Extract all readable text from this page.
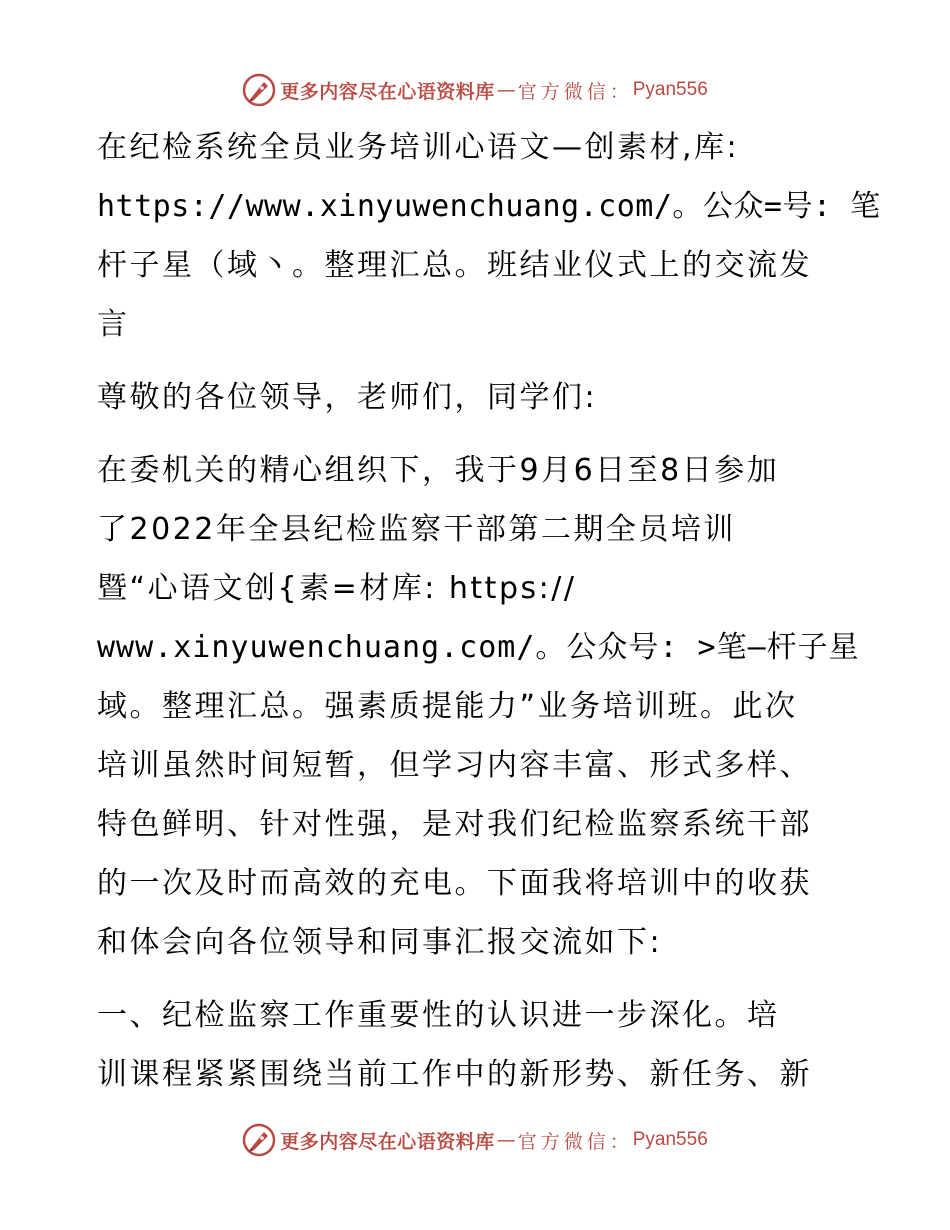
更多内容尽在心语资料库 — 官方微信： Pyan556
在纪检系统全员业务培训心语文—创素材,库:
https://www.xinyuwenchuang.com/。公众=号: 笔
杆子星（域丶。整理汇总。班结业仪式上的交流发
言
尊敬的各位领导，老师们，同学们:
在委机关的精心组织下，我于9月6日至8日参加
了2022年全县纪检监察干部第二期全员培训
暨“心语文创{素=材库: https://
www.xinyuwenchuang.com/。公众号: >笔—杆子星
域。整理汇总。强素质提能力”业务培训班。此次
培训虽然时间短暂，但学习内容丰富、形式多样、
特色鲜明、针对性强，是对我们纪检监察系统干部
的一次及时而高效的充电。下面我将培训中的收获
和体会向各位领导和同事汇报交流如下:
一、纪检监察工作重要性的认识进一步深化。培
训课程紧紧围绕当前工作中的新形势、新任务、新
更多内容尽在心语资料库 — 官方微信： Pyan556
